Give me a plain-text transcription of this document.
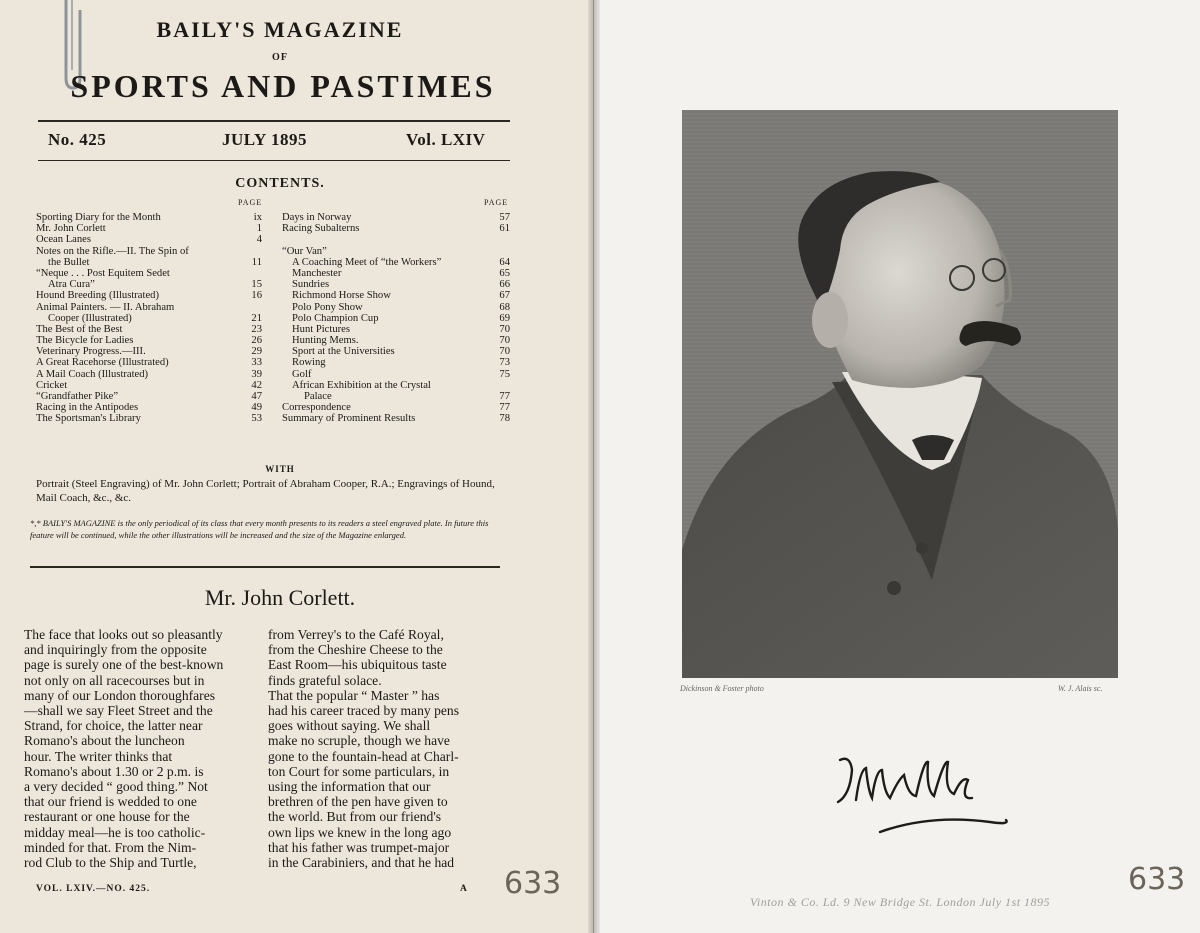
BAILY'S MAGAZINE
OF
SPORTS AND PASTIMES
No. 425	JULY 1895	Vol. LXIV
CONTENTS.
PAGE	PAGE
Sporting Diary for the Month	ix
Mr. John Corlett	1
Ocean Lanes	4
Notes on the Rifle.—II. The Spin of
the Bullet	11
“Neque . . . Post Equitem Sedet
Atra Cura”	15
Hound Breeding (Illustrated)	16
Animal Painters. — II. Abraham
Cooper (Illustrated)	21
The Best of the Best	23
The Bicycle for Ladies	26
Veterinary Progress.—III.	29
A Great Racehorse (Illustrated)	33
A Mail Coach (Illustrated)	39
Cricket	42
“Grandfather Pike”	47
Racing in the Antipodes	49
The Sportsman's Library	53
Days in Norway	57
Racing Subalterns	61
“Our Van”
A Coaching Meet of “the Workers”	64
Manchester	65
Sundries	66
Richmond Horse Show	67
Polo Pony Show	68
Polo Champion Cup	69
Hunt Pictures	70
Hunting Mems.	70
Sport at the Universities	70
Rowing	73
Golf	75
African Exhibition at the Crystal
Palace	77
Correspondence	77
Summary of Prominent Results	78
WITH
Portrait (Steel Engraving) of Mr. John Corlett; Portrait of Abraham Cooper, R.A.; Engravings of Hound, Mail Coach, &c., &c.
*,* BAILY'S MAGAZINE is the only periodical of its class that every month presents to its readers a steel engraved plate. In future this feature will be continued, while the other illustrations will be increased and the size of the Magazine enlarged.
Mr. John Corlett.
The face that looks out so pleasantly
and inquiringly from the opposite
page is surely one of the best-known
not only on all racecourses but in
many of our London thoroughfares
—shall we say Fleet Street and the
Strand, for choice, the latter near
Romano's about the luncheon
hour. The writer thinks that
Romano's about 1.30 or 2 p.m. is
a very decided “ good thing.” Not
that our friend is wedded to one
restaurant or one house for the
midday meal—he is too catholic-
minded for that. From the Nim-
rod Club to the Ship and Turtle,
from Verrey's to the Café Royal,
from the Cheshire Cheese to the
East Room—his ubiquitous taste
finds grateful solace.
That the popular “ Master ” has
had his career traced by many pens
goes without saying. We shall
make no scruple, though we have
gone to the fountain-head at Charl-
ton Court for some particulars, in
using the information that our
brethren of the pen have given to
the world. But from our friend's
own lips we knew in the long ago
that his father was trumpet-major
in the Carabiniers, and that he had
VOL. LXIV.—NO. 425.	A 633
Dickinson & Foster photo	W. J. Alais sc.
633
Vinton & Co. Ld. 9 New Bridge St. London July 1st 1895
